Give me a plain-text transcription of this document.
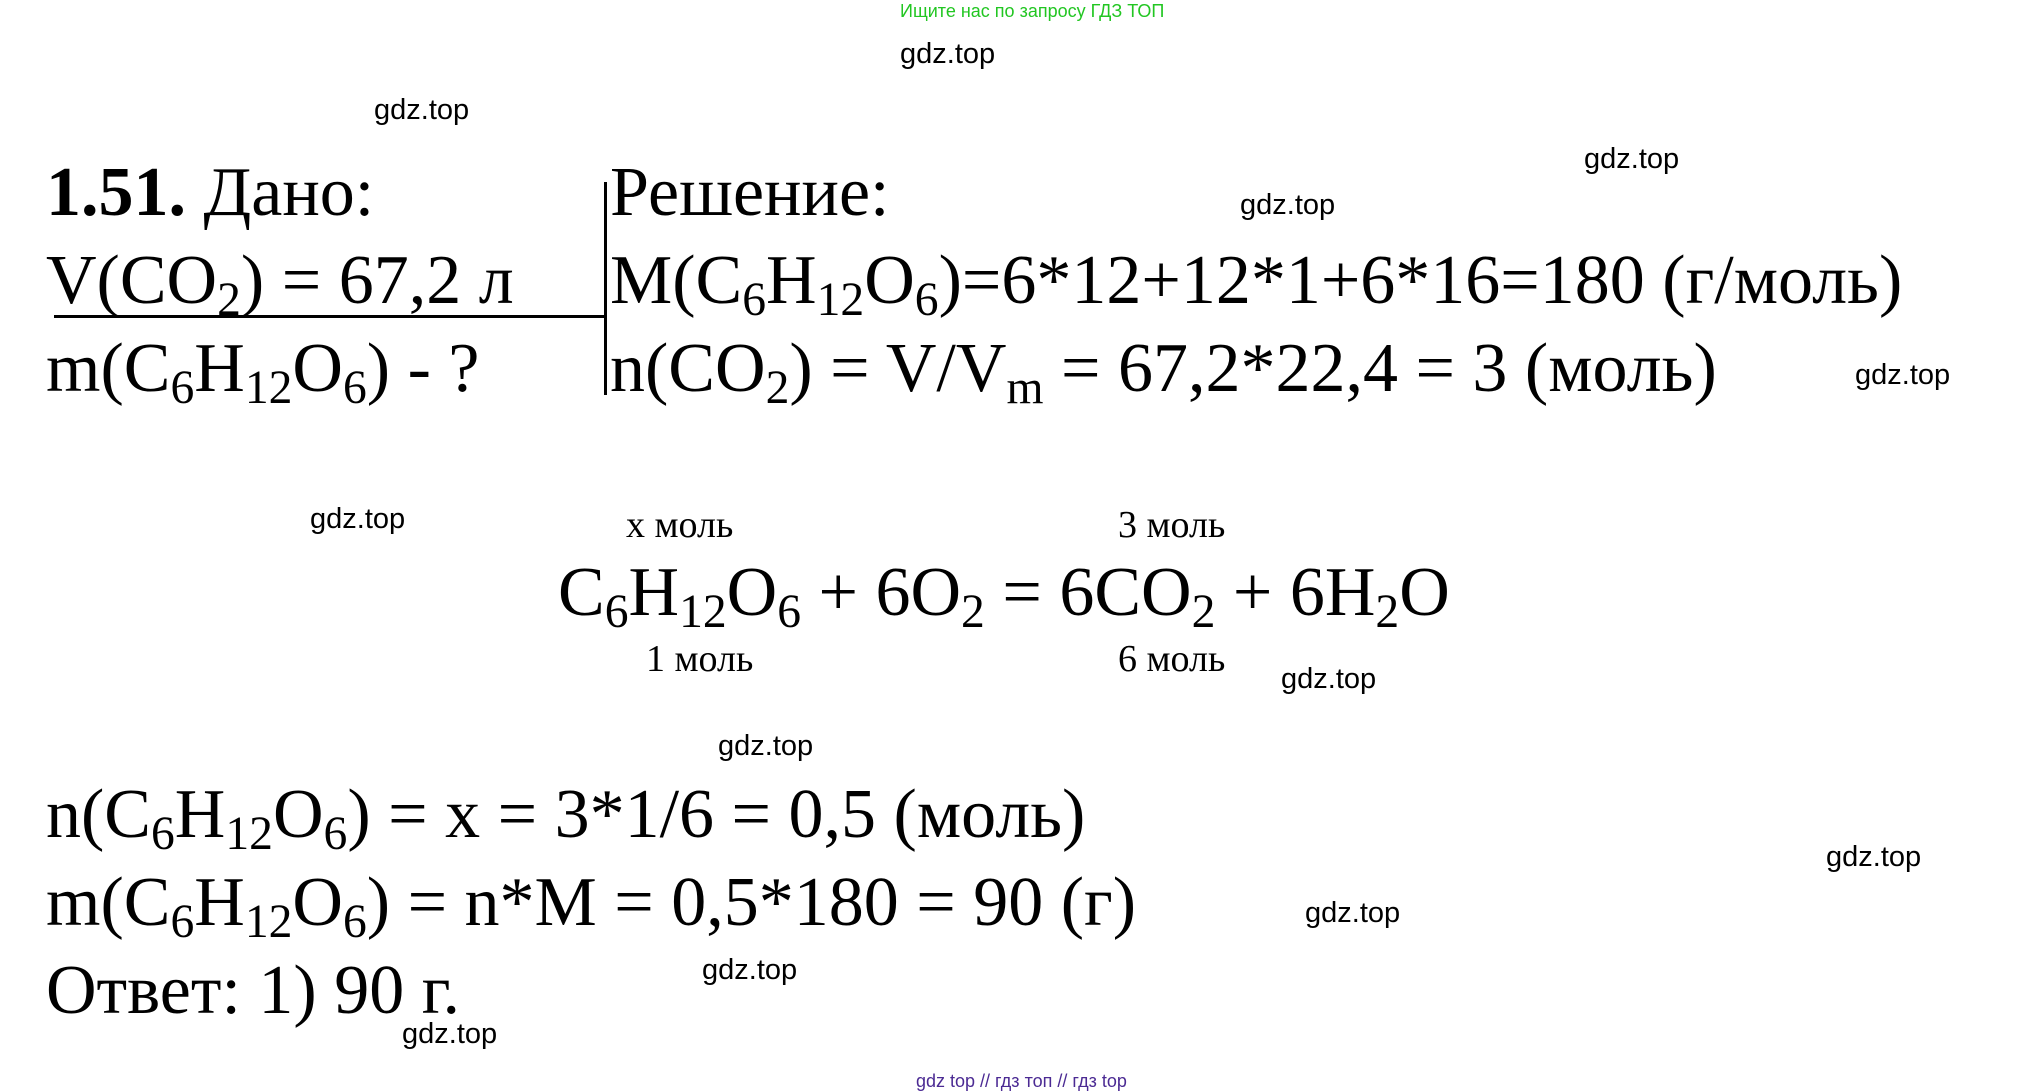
Ищите нас по запросу ГДЗ ТОП
gdz.top
gdz.top
gdz.top
gdz.top
gdz.top
gdz.top
gdz.top
gdz.top
gdz.top
gdz.top
gdz.top
gdz.top
1.51. Дано:	Решение:
$V(CO_2) = 67,2$ л
$m(C_6H_{12}O_6)$ - ?
$M(C_6H_{12}O_6)=6*12+12*1+6*16=180$ (г/моль)
$n(CO_2) = V/V_m = 67,2*22,4 = 3$ (моль)
x моль	3 моль
$C_6H_{12}O_6 + 6O_2 = 6CO_2 + 6H_2O$
1 моль	6 моль
$n(C_6H_{12}O_6) = x = 3*1/6 = 0,5$ (моль)
$m(C_6H_{12}O_6) = n*M = 0,5*180 = 90$ (г)
Ответ: 1) 90 г.
gdz top // гдз топ // гдз top
